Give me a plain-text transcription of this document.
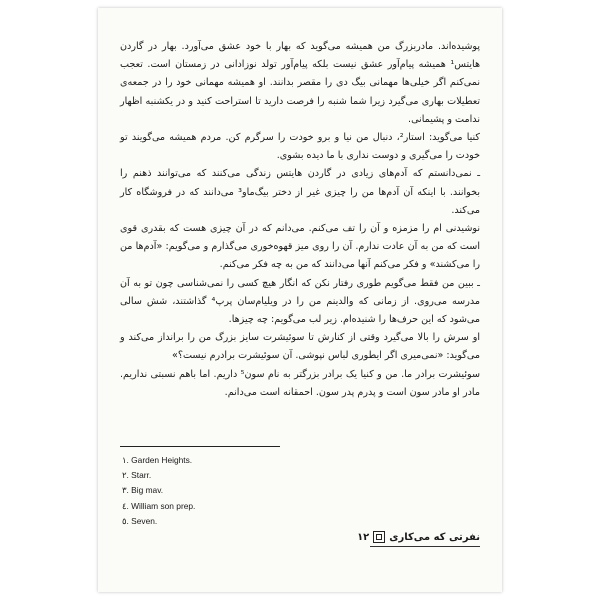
پوشیده‌اند. مادربزرگ من همیشه می‌گوید که بهار با خود عشق می‌آورد. بهار در گاردن هایتس¹ همیشه پیام‌آور عشق نیست بلکه پیام‌آور تولد نوزادانی در زمستان است. تعجب نمی‌کنم اگر خیلی‌ها مهمانی بیگ دی را مقصر بدانند. او همیشه مهمانی خود را در جمعه‌ی تعطیلات بهاری می‌گیرد زیرا شما شنبه را فرصت دارید تا استراحت کنید و در یکشنبه اظهار ندامت و پشیمانی.

کنیا می‌گوید: استار²، دنبال من نیا و برو خودت را سرگرم کن. مردم همیشه می‌گویند تو خودت را می‌گیری و دوست نداری با ما دیده بشوی.

ـ نمی‌دانستم که آدم‌های زیادی در گاردن هایتس زندگی می‌کنند که می‌توانند ذهنم را بخوانند. با اینکه آن آدم‌ها من را چیزی غیر از دختر بیگ‌ماو³ می‌دانند که در فروشگاه کار می‌کند.

نوشیدنی ام را مزمزه و آن را تف می‌کنم. می‌دانم که در آن چیزی هست که بقدری قوی است که من به آن عادت ندارم. آن را روی میز قهوه‌خوری می‌گذارم و می‌گویم: «آدم‌ها من را می‌کشند» و فکر می‌کنم آنها می‌دانند که من به چه فکر می‌کنم.

ـ ببین من فقط می‌گویم طوری رفتار نکن که انگار هیچ کسی را نمی‌شناسی چون تو به آن مدرسه می‌روی. از زمانی که والدینم من را در ویلیام‌سان پرپ⁴ گذاشتند، شش سالی می‌شود که این حرف‌ها را شنیده‌ام. زیر لب می‌گویم: چه چیزها.

او سرش را بالا می‌گیرد وقتی از کنارش تا سوئیشرت سایز بزرگ من را برانداز می‌کند و می‌گوید: «نمی‌میری اگر ایطوری لباس نپوشی. آن سوئیشرت برادرم نیست؟»

سوئیشرت برادر ما. من و کنیا یک برادر بزرگتر به نام سون⁵ داریم. اما باهم نسبتی نداریم. مادر او مادر سون است و پدرم پدر سون. احمقانه است می‌دانم.

١. Garden Heights.
٢. Starr.
٣. Big mav.
٤. William son prep.
٥. Seven.
نفرتی که می‌کاری
۱۲
